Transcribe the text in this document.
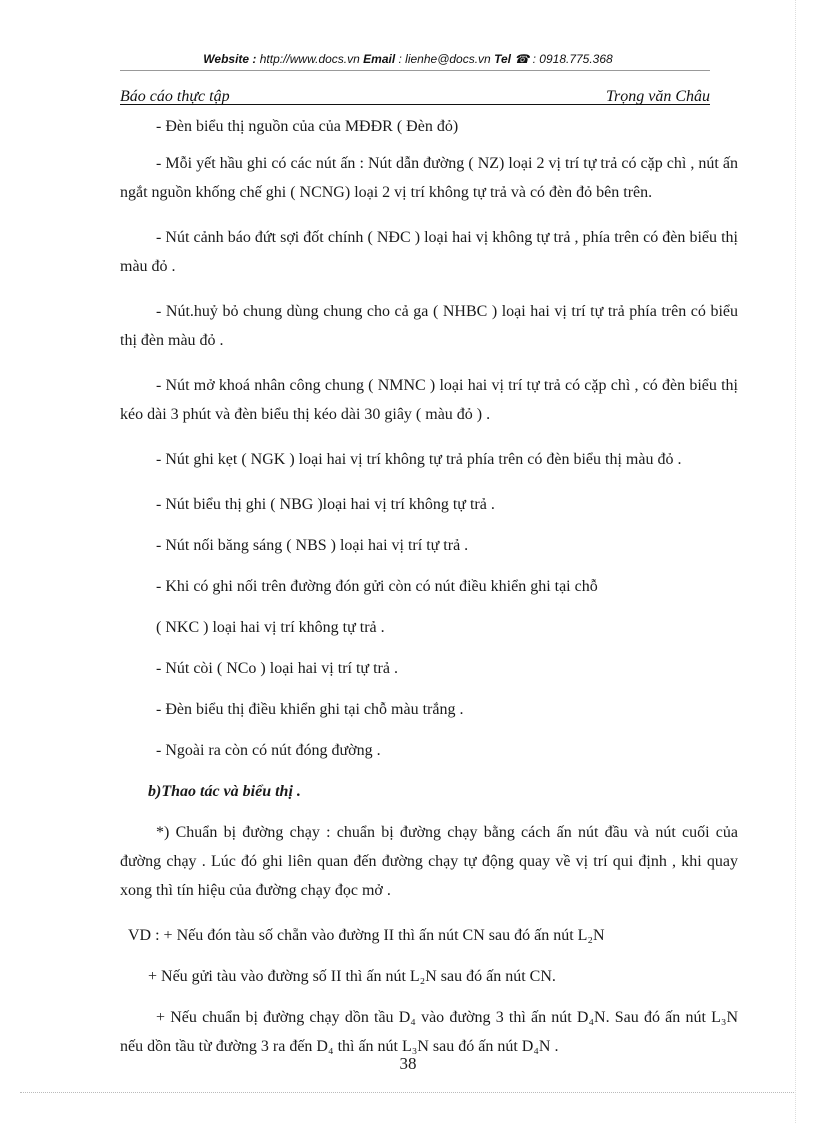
Website : http://www.docs.vn Email : lienhe@docs.vn Tel ☎ : 0918.775.368
Báo cáo thực tập	Trọng văn Châu

- Đèn biểu thị nguồn của của MĐĐR ( Đèn đỏ)

- Mỗi yết hầu ghi có các nút ấn : Nút dẫn đường ( NZ) loại 2 vị trí tự trả có cặp chì , nút ấn ngắt nguồn khống chế ghi ( NCNG) loại 2 vị trí không tự trả và có đèn đỏ bên trên.

- Nút cảnh báo đứt sợi đốt chính ( NĐC ) loại hai vị không tự trả , phía trên có đèn biểu thị màu đỏ .

- Nút.huỷ bỏ chung dùng chung cho cả ga ( NHBC ) loại hai vị trí tự trả phía trên có biểu thị đèn màu đỏ .

- Nút mở khoá nhân công chung ( NMNC ) loại hai vị trí tự trả có cặp chì , có đèn biểu thị kéo dài 3 phút và đèn biểu thị kéo dài 30 giây ( màu đỏ ) .

- Nút ghi kẹt ( NGK ) loại hai vị trí không tự trả phía trên có đèn biểu thị màu đỏ .

- Nút biểu thị ghi ( NBG )loại hai vị trí không tự trả .

- Nút nối băng sáng ( NBS ) loại hai vị trí tự trả .

- Khi có ghi nối trên đường đón gửi còn có nút điều khiển ghi tại chỗ

( NKC ) loại hai vị trí không tự trả .

- Nút còi ( NCo ) loại hai vị trí tự trả .

- Đèn biểu thị điều khiển ghi tại chỗ màu trắng .

- Ngoài ra còn có nút đóng đường .

b)Thao tác và biểu thị .

*) Chuẩn bị đường chạy : chuẩn bị đường chạy bằng cách ấn nút đầu và nút cuối của đường chạy . Lúc đó ghi liên quan đến đường chạy tự động quay về vị trí qui định , khi quay xong thì tín hiệu của đường chạy đọc mở .

VD : + Nếu đón tàu số chẵn vào đường II thì ấn nút CN sau đó ấn nút L₂N

+ Nếu gửi tàu vào đường số II thì ấn nút L₂N sau đó ấn nút CN.

+ Nếu chuẩn bị đường chạy dồn tầu D₄ vào đường 3 thì ấn nút D₄N. Sau đó ấn nút L₃N nếu dồn tầu từ đường 3 ra đến D₄ thì ấn nút L₃N sau đó ấn nút D₄N .

38
